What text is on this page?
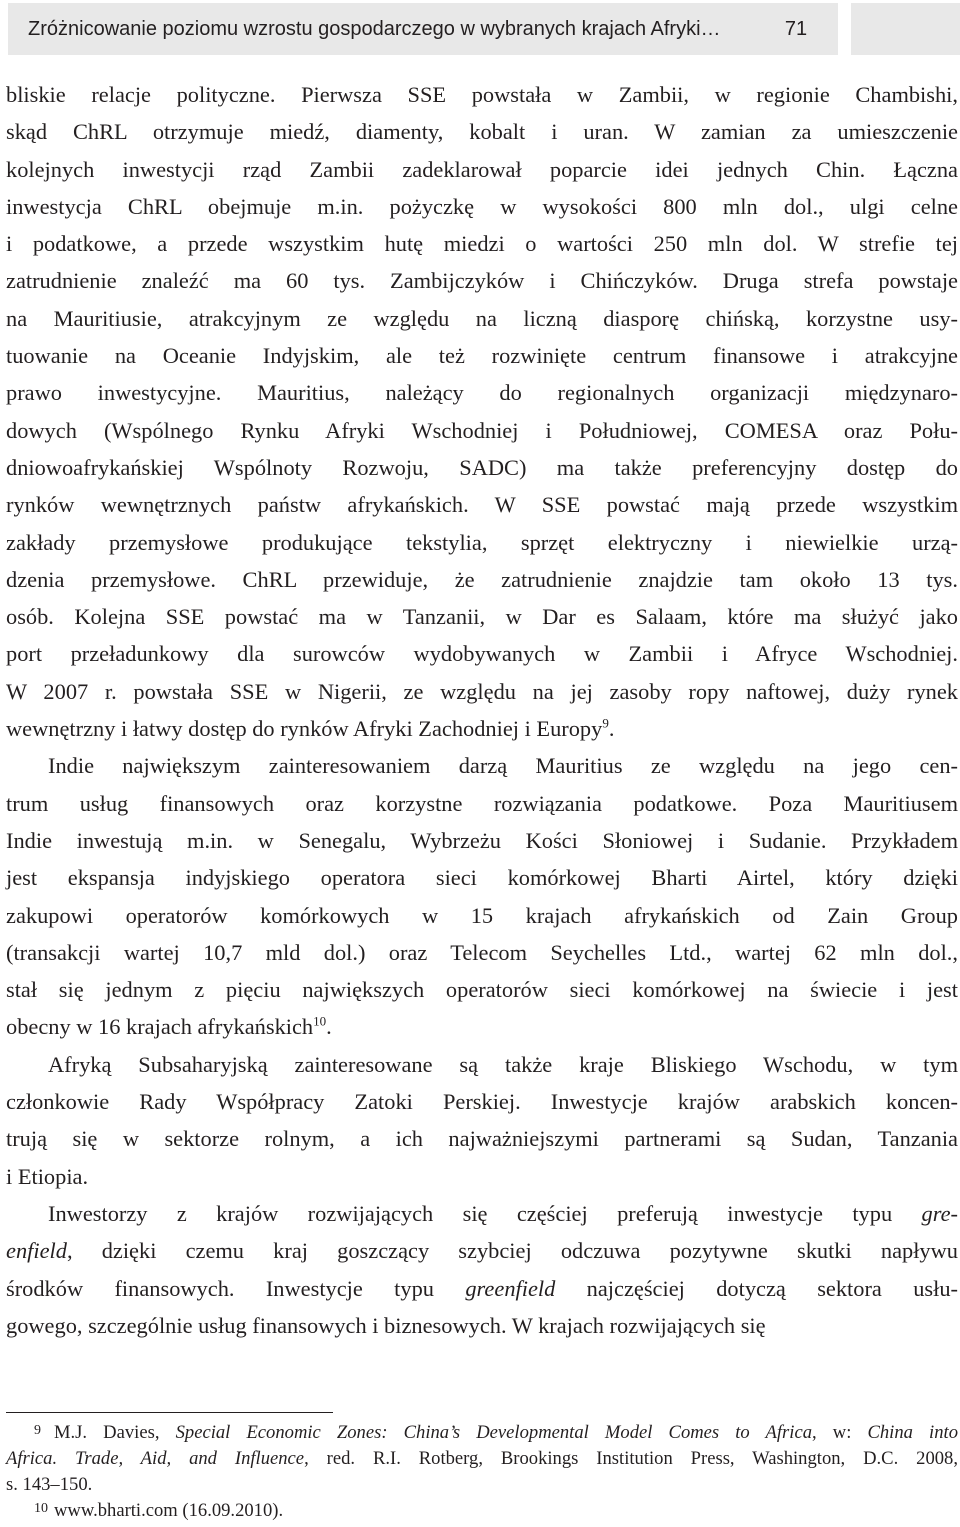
Zróżnicowanie poziomu wzrostu gospodarczego w wybranych krajach Afryki…	71

bliskie relacje polityczne. Pierwsza SSE powstała w Zambii, w regionie Chambishi,
skąd ChRL otrzymuje miedź, diamenty, kobalt i uran. W zamian za umieszczenie
kolejnych inwestycji rząd Zambii zadeklarował poparcie idei jednych Chin. Łączna
inwestycja ChRL obejmuje m.in. pożyczkę w wysokości 800 mln dol., ulgi celne
i podatkowe, a przede wszystkim hutę miedzi o wartości 250 mln dol. W strefie tej
zatrudnienie znaleźć ma 60 tys. Zambijczyków i Chińczyków. Druga strefa powstaje
na Mauritiusie, atrakcyjnym ze względu na liczną diasporę chińską, korzystne usy-
tuowanie na Oceanie Indyjskim, ale też rozwinięte centrum finansowe i atrakcyjne
prawo inwestycyjne. Mauritius, należący do regionalnych organizacji międzynaro-
dowych (Wspólnego Rynku Afryki Wschodniej i Południowej, COMESA oraz Połu-
dniowoafrykańskiej Wspólnoty Rozwoju, SADC) ma także preferencyjny dostęp do
rynków wewnętrznych państw afrykańskich. W SSE powstać mają przede wszystkim
zakłady przemysłowe produkujące tekstylia, sprzęt elektryczny i niewielkie urzą-
dzenia przemysłowe. ChRL przewiduje, że zatrudnienie znajdzie tam około 13 tys.
osób. Kolejna SSE powstać ma w Tanzanii, w Dar es Salaam, które ma służyć jako
port przeładunkowy dla surowców wydobywanych w Zambii i Afryce Wschodniej.
W 2007 r. powstała SSE w Nigerii, ze względu na jej zasoby ropy naftowej, duży rynek
wewnętrzny i łatwy dostęp do rynków Afryki Zachodniej i Europy$^9$.

Indie największym zainteresowaniem darzą Mauritius ze względu na jego cen-
trum usług finansowych oraz korzystne rozwiązania podatkowe. Poza Mauritiusem
Indie inwestują m.in. w Senegalu, Wybrzeżu Kości Słoniowej i Sudanie. Przykładem
jest ekspansja indyjskiego operatora sieci komórkowej Bharti Airtel, który dzięki
zakupowi operatorów komórkowych w 15 krajach afrykańskich od Zain Group
(transakcji wartej 10,7 mld dol.) oraz Telecom Seychelles Ltd., wartej 62 mln dol.,
stał się jednym z pięciu największych operatorów sieci komórkowej na świecie i jest
obecny w 16 krajach afrykańskich$^{10}$.

Afryką Subsaharyjską zainteresowane są także kraje Bliskiego Wschodu, w tym
członkowie Rady Współpracy Zatoki Perskiej. Inwestycje krajów arabskich koncen-
trują się w sektorze rolnym, a ich najważniejszymi partnerami są Sudan, Tanzania
i Etiopia.

Inwestorzy z krajów rozwijających się częściej preferują inwestycje typu gre-
enfield, dzięki czemu kraj goszczący szybciej odczuwa pozytywne skutki napływu
środków finansowych. Inwestycje typu greenfield najczęściej dotyczą sektora usłu-
gowego, szczególnie usług finansowych i biznesowych. W krajach rozwijających się

9 M.J. Davies, Special Economic Zones: China’s Developmental Model Comes to Africa, w: China into
Africa. Trade, Aid, and Influence, red. R.I. Rotberg, Brookings Institution Press, Washington, D.C. 2008,
s. 143–150.
10 www.bharti.com (16.09.2010).
